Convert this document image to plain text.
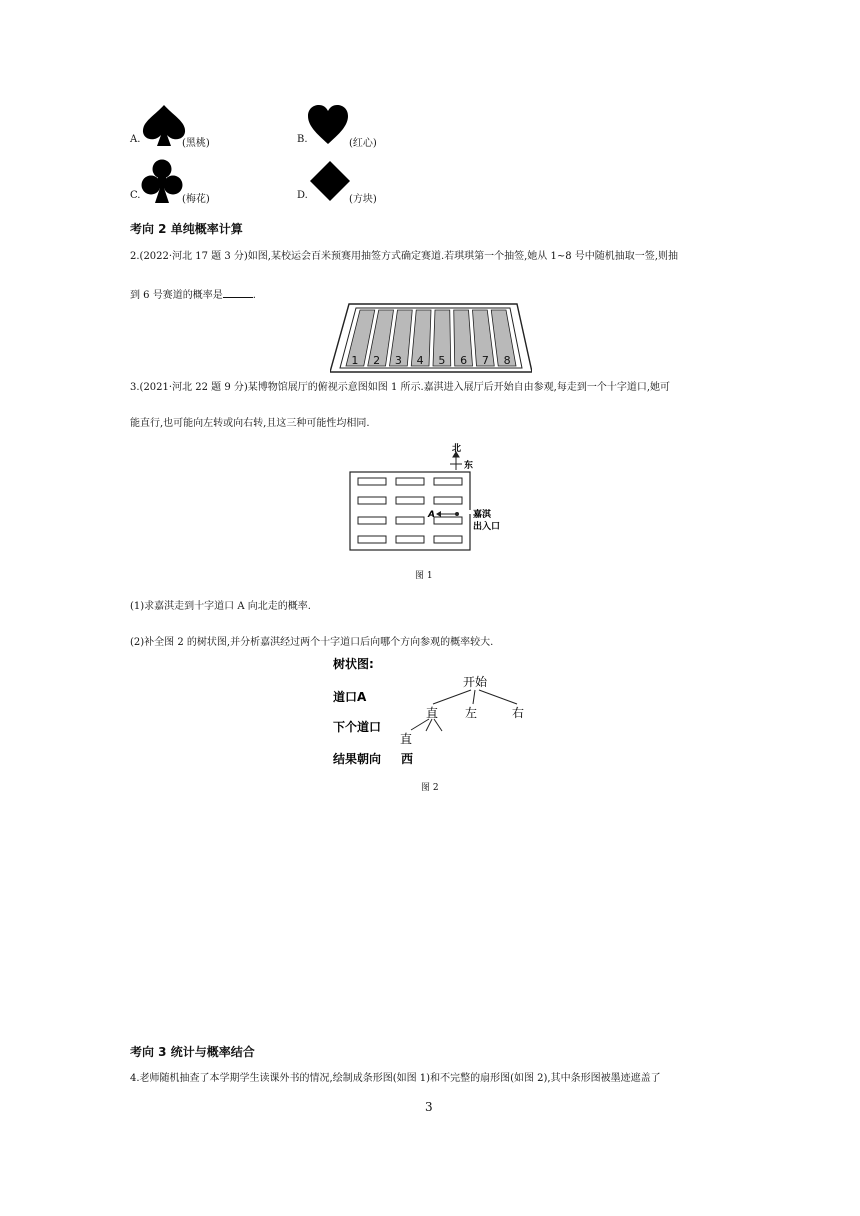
A.	(黑桃)	B.	(红心)
C.	(梅花)	D.	(方块)
考向 2 单纯概率计算
2.(2022·河北 17 题 3 分)如图,某校运会百米预赛用抽签方式确定赛道.若琪琪第一个抽签,她从 1~8 号中随机抽取一签,则抽
到 6 号赛道的概率是	.
1 2 3 4 5 6 7 8
3.(2021·河北 22 题 9 分)某博物馆展厅的俯视示意图如图 1 所示.嘉淇进入展厅后开始自由参观,每走到一个十字道口,她可
能直行,也可能向左转或向右转,且这三种可能性均相同.
北
东
A	嘉淇
出入口
图 1
(1)求嘉淇走到十字道口 A 向北走的概率.
(2)补全图 2 的树状图,并分析嘉淇经过两个十字道口后向哪个方向参观的概率较大.
树状图:
道口A
下个道口
结果朝向
开始
直 左	右
直
西
图 2
考向 3 统计与概率结合
4.老师随机抽查了本学期学生读课外书的情况,绘制成条形图(如图 1)和不完整的扇形图(如图 2),其中条形图被墨迹遮盖了
3
